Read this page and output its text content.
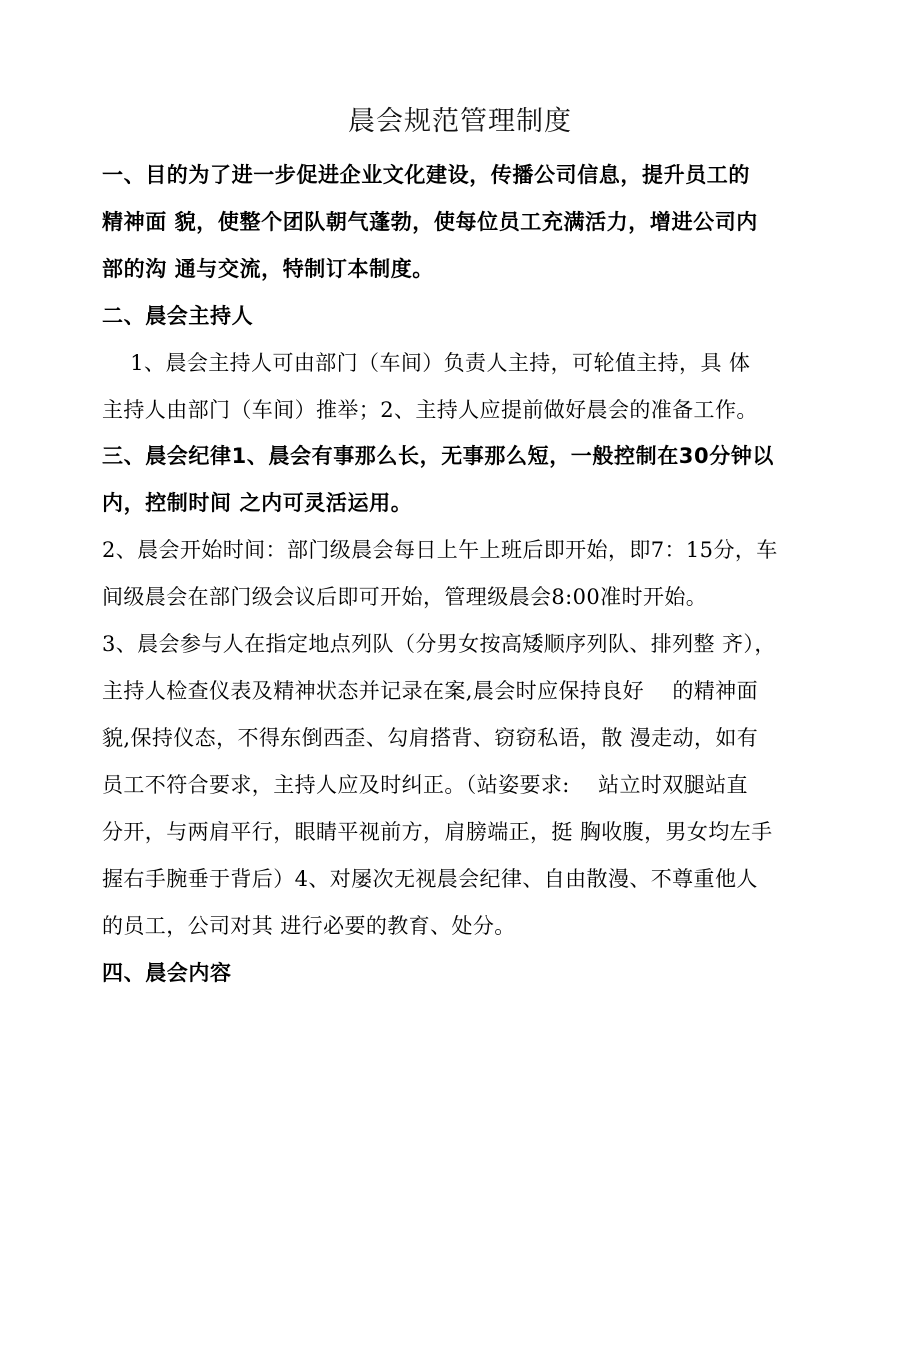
晨会规范管理制度
一、目的为了进一步促进企业文化建设，传播公司信息，提升员工的
精神面 貌，使整个团队朝气蓬勃，使每位员工充满活力，增进公司内
部的沟 通与交流，特制订本制度。
二、晨会主持人
1、晨会主持人可由部门（车间）负责人主持，可轮值主持，具 体
主持人由部门（车间）推举；2、主持人应提前做好晨会的准备工作。
三、晨会纪律1、晨会有事那么长，无事那么短，一般控制在30分钟以
内，控制时间 之内可灵活运用。
2、晨会开始时间：部门级晨会每日上午上班后即开始，即7：15分，车
间级晨会在部门级会议后即可开始，管理级晨会8:00准时开始。
3、晨会参与人在指定地点列队（分男女按高矮顺序列队、排列整 齐），
主持人检查仪表及精神状态并记录在案,晨会时应保持良好    的精神面
貌,保持仪态，不得东倒西歪、勾肩搭背、窃窃私语，散 漫走动，如有
员工不符合要求，主持人应及时纠正。（站姿要求:    站立时双腿站直
分开，与两肩平行，眼睛平视前方，肩膀端正，挺 胸收腹，男女均左手
握右手腕垂于背后）4、对屡次无视晨会纪律、自由散漫、不尊重他人
的员工，公司对其 进行必要的教育、处分。
四、晨会内容
